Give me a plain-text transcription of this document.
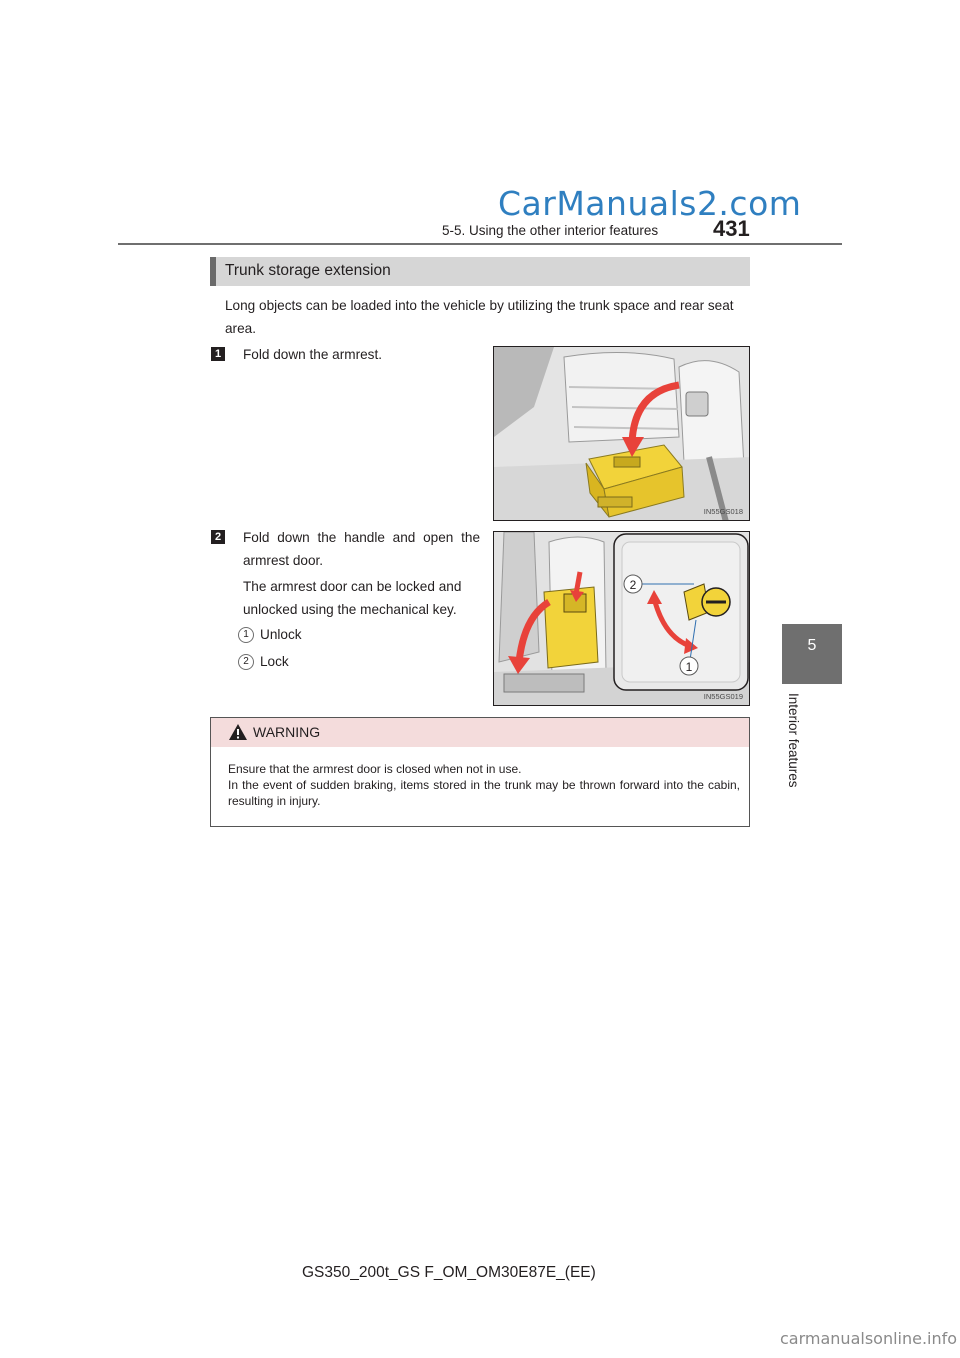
CarManuals2.com
5-5. Using the other interior features 431
5
Interior features
Trunk storage extension
Long objects can be loaded into the vehicle by utilizing the trunk space and rear seat area.
1 Fold down the armrest.
IN55GS018
2 Fold down the handle and open the armrest door.
The armrest door can be locked and unlocked using the mechanical key.
1 Unlock
2 Lock
2
1
IN55GS019
WARNING
Ensure that the armrest door is closed when not in use.
In the event of sudden braking, items stored in the trunk may be thrown forward into the cabin, resulting in injury.
GS350_200t_GS F_OM_OM30E87E_(EE)
carmanualsonline.info
